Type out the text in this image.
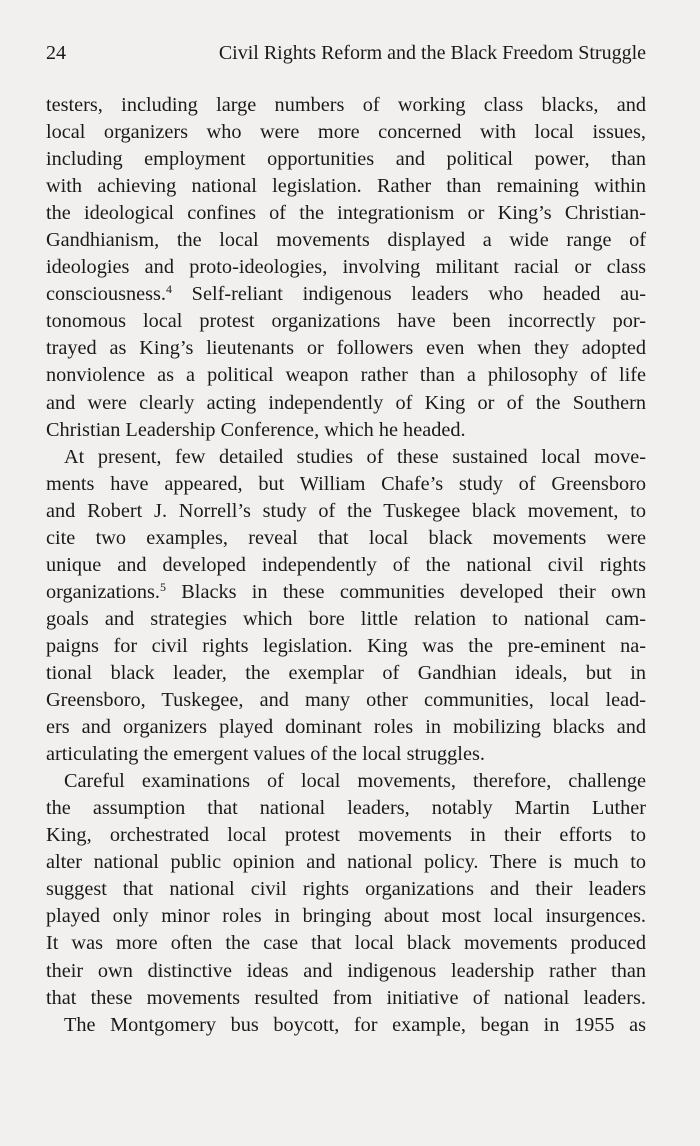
24	Civil Rights Reform and the Black Freedom Struggle
testers, including large numbers of working class blacks, and
local organizers who were more concerned with local issues,
including employment opportunities and political power, than
with achieving national legislation. Rather than remaining within
the ideological confines of the integrationism or King’s Christian-
Gandhianism, the local movements displayed a wide range of
ideologies and proto-ideologies, involving militant racial or class
consciousness.$^4$ Self-reliant indigenous leaders who headed au-
tonomous local protest organizations have been incorrectly por-
trayed as King’s lieutenants or followers even when they adopted
nonviolence as a political weapon rather than a philosophy of life
and were clearly acting independently of King or of the Southern
Christian Leadership Conference, which he headed.
At present, few detailed studies of these sustained local move-
ments have appeared, but William Chafe’s study of Greensboro
and Robert J. Norrell’s study of the Tuskegee black movement, to
cite two examples, reveal that local black movements were
unique and developed independently of the national civil rights
organizations.$^5$ Blacks in these communities developed their own
goals and strategies which bore little relation to national cam-
paigns for civil rights legislation. King was the pre-eminent na-
tional black leader, the exemplar of Gandhian ideals, but in
Greensboro, Tuskegee, and many other communities, local lead-
ers and organizers played dominant roles in mobilizing blacks and
articulating the emergent values of the local struggles.
Careful examinations of local movements, therefore, challenge
the assumption that national leaders, notably Martin Luther
King, orchestrated local protest movements in their efforts to
alter national public opinion and national policy. There is much to
suggest that national civil rights organizations and their leaders
played only minor roles in bringing about most local insurgences.
It was more often the case that local black movements produced
their own distinctive ideas and indigenous leadership rather than
that these movements resulted from initiative of national leaders.
The Montgomery bus boycott, for example, began in 1955 as
